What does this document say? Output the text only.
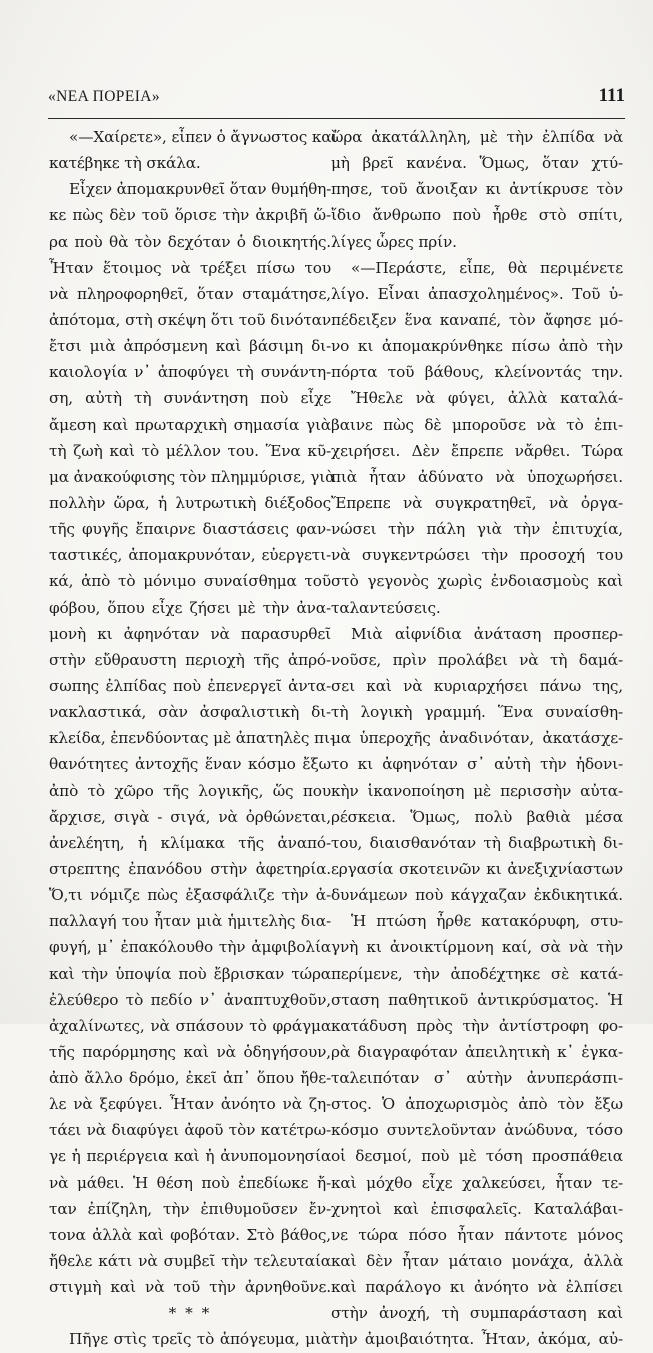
«ΝΕΑ ΠΟΡΕΙΑ»	111
«—Χαίρετε», εἶπεν ὁ ἄγνωστος καὶ
κατέβηκε τὴ σκάλα.
Εἶχεν ἀπομακρυνθεῖ ὅταν θυμήθη-
κε πὼς δὲν τοῦ ὅρισε τὴν ἀκριβῆ ὥ-
ρα ποὺ θὰ τὸν δεχόταν ὁ διοικητής.
Ἦταν ἕτοιμος νὰ τρέξει πίσω του
νὰ πληροφορηθεῖ, ὅταν σταμάτησε,
ἀπότομα, στὴ σκέψη ὅτι τοῦ δινόταν
ἔτσι μιὰ ἀπρόσμενη καὶ βάσιμη δι-
καιολογία ν᾽ ἀποφύγει τὴ συνάντη-
ση, αὐτὴ τὴ συνάντηση ποὺ εἶχε
ἄμεση καὶ πρωταρχικὴ σημασία γιὰ
τὴ ζωὴ καὶ τὸ μέλλον του. Ἕνα κῦ-
μα ἀνακούφισης τὸν πλημμύρισε, γιὰ
πολλὴν ὥρα, ἡ λυτρωτικὴ διέξοδος
τῆς φυγῆς ἔπαιρνε διαστάσεις φαν-
ταστικές, ἀπομακρυνόταν, εὐεργετι-
κά, ἀπὸ τὸ μόνιμο συναίσθημα τοῦ
φόβου, ὅπου εἶχε ζήσει μὲ τὴν ἀνα-
μονὴ κι ἀφηνόταν νὰ παρασυρθεῖ
στὴν εὔθραυστη περιοχὴ τῆς ἀπρό-
σωπης ἐλπίδας ποὺ ἐπενεργεῖ ἀντα-
νακλαστικά, σὰν ἀσφαλιστικὴ δι-
κλείδα, ἐπενδύοντας μὲ ἀπατηλὲς πι-
θανότητες ἀντοχῆς ἕναν κόσμο ἔξω
ἀπὸ τὸ χῶρο τῆς λογικῆς, ὥς που
ἄρχισε, σιγὰ - σιγά, νὰ ὀρθώνεται,
ἀνελέητη, ἡ κλίμακα τῆς ἀναπό-
στρεπτης ἐπανόδου στὴν ἀφετηρία.
Ὅ,τι νόμιζε πὼς ἐξασφάλιζε τὴν ἀ-
παλλαγή του ἦταν μιὰ ἡμιτελὴς δια-
φυγή, μ᾽ ἐπακόλουθο τὴν ἀμφιβολία
καὶ τὴν ὑποψία ποὺ ἔβρισκαν τώρα
ἐλεύθερο τὸ πεδίο ν᾽ ἀναπτυχθοῦν,
ἀχαλίνωτες, νὰ σπάσουν τὸ φράγμα
τῆς παρόρμησης καὶ νὰ ὁδηγήσουν,
ἀπὸ ἄλλο δρόμο, ἐκεῖ ἀπ᾽ ὅπου ἤθε-
λε νὰ ξεφύγει. Ἦταν ἀνόητο νὰ ζη-
τάει νὰ διαφύγει ἀφοῦ τὸν κατέτρω-
γε ἡ περιέργεια καὶ ἡ ἀνυπομονησία
νὰ μάθει. Ἡ θέση ποὺ ἐπεδίωκε ἤ-
ταν ἐπίζηλη, τὴν ἐπιθυμοῦσεν ἔν-
τονα ἀλλὰ καὶ φοβόταν. Στὸ βάθος,
ἤθελε κάτι νὰ συμβεῖ τὴν τελευταία
στιγμὴ καὶ νὰ τοῦ τὴν ἀρνηθοῦνε.
* * *
Πῆγε στὶς τρεῖς τὸ ἀπόγευμα, μιὰ
ὥρα ἀκατάλληλη, μὲ τὴν ἐλπίδα νὰ
μὴ βρεῖ κανένα. Ὅμως, ὅταν χτύ-
πησε, τοῦ ἄνοιξαν κι ἀντίκρυσε τὸν
ἴδιο ἄνθρωπο ποὺ ἦρθε στὸ σπίτι,
λίγες ὧρες πρίν.
«—Περάστε, εἶπε, θὰ περιμένετε
λίγο. Εἶναι ἀπασχολημένος». Τοῦ ὑ-
πέδειξεν ἕνα καναπέ, τὸν ἄφησε μό-
νο κι ἀπομακρύνθηκε πίσω ἀπὸ τὴν
πόρτα τοῦ βάθους, κλείνοντάς την.
Ἤθελε νὰ φύγει, ἀλλὰ καταλά-
βαινε πὼς δὲ μποροῦσε νὰ τὸ ἐπι-
χειρήσει. Δὲν ἔπρεπε νἄρθει. Τώρα
πιὰ ἦταν ἀδύνατο νὰ ὑποχωρήσει.
Ἔπρεπε νὰ συγκρατηθεῖ, νὰ ὀργα-
νώσει τὴν πάλη γιὰ τὴν ἐπιτυχία,
νὰ συγκεντρώσει τὴν προσοχή του
στὸ γεγονὸς χωρὶς ἐνδοιασμοὺς καὶ
ταλαντεύσεις.
Μιὰ αἰφνίδια ἀνάταση προσπερ-
νοῦσε, πρὶν προλάβει νὰ τὴ δαμά-
σει καὶ νὰ κυριαρχήσει πάνω της,
τὴ λογικὴ γραμμή. Ἕνα συναίσθη-
μα ὑπεροχῆς ἀναδινόταν, ἀκατάσχε-
το κι ἀφηνόταν σ᾽ αὐτὴ τὴν ἡδονι-
κὴν ἱκανοποίηση μὲ περισσὴν αὐτα-
ρέσκεια. Ὅμως, πολὺ βαθιὰ μέσα
του, διαισθανόταν τὴ διαβρωτικὴ δι-
εργασία σκοτεινῶν κι ἀνεξιχνίαστων
δυνάμεων ποὺ κάγχαζαν ἐκδικητικά.
Ἡ πτώση ἦρθε κατακόρυφη, στυ-
γνὴ κι ἀνοικτίρμονη καί, σὰ νὰ τὴν
περίμενε, τὴν ἀποδέχτηκε σὲ κατά-
σταση παθητικοῦ ἀντικρύσματος. Ἡ
κατάδυση πρὸς τὴν ἀντίστροφη φο-
ρὰ διαγραφόταν ἀπειλητικὴ κ᾽ ἐγκα-
ταλειπόταν σ᾽ αὐτὴν ἀνυπεράσπι-
στος. Ὁ ἀποχωρισμὸς ἀπὸ τὸν ἔξω
κόσμο συντελοῦνταν ἀνώδυνα, τόσο
οἱ δεσμοί, ποὺ μὲ τόση προσπάθεια
καὶ μόχθο εἶχε χαλκεύσει, ἦταν τε-
χνητοὶ καὶ ἐπισφαλεῖς. Καταλάβαι-
νε τώρα πόσο ἦταν πάντοτε μόνος
καὶ δὲν ἦταν μάταιο μονάχα, ἀλλὰ
καὶ παράλογο κι ἀνόητο νὰ ἐλπίσει
στὴν ἀνοχή, τὴ συμπαράσταση καὶ
τὴν ἀμοιβαιότητα. Ἦταν, ἀκόμα, αὐ-
